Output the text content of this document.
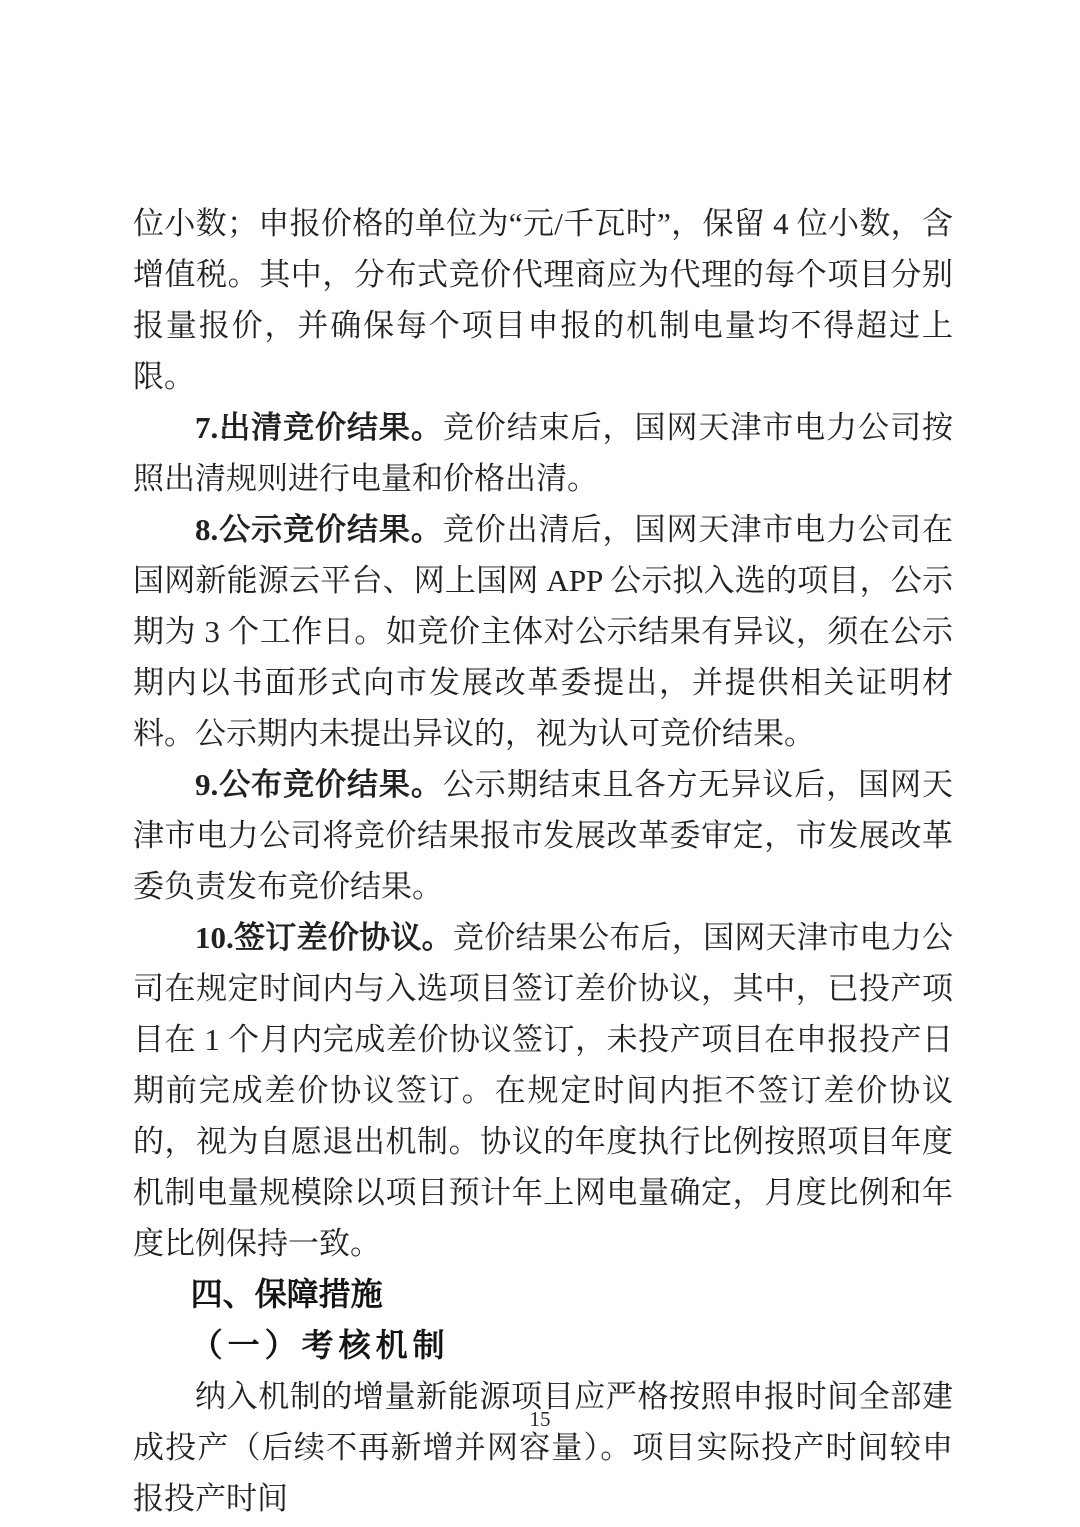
位小数；申报价格的单位为“元/千瓦时”，保留 4 位小数，含增值税。其中，分布式竞价代理商应为代理的每个项目分别报量报价，并确保每个项目申报的机制电量均不得超过上限。

7.出清竞价结果。竞价结束后，国网天津市电力公司按照出清规则进行电量和价格出清。

8.公示竞价结果。竞价出清后，国网天津市电力公司在国网新能源云平台、网上国网 APP 公示拟入选的项目，公示期为 3 个工作日。如竞价主体对公示结果有异议，须在公示期内以书面形式向市发展改革委提出，并提供相关证明材料。公示期内未提出异议的，视为认可竞价结果。

9.公布竞价结果。公示期结束且各方无异议后，国网天津市电力公司将竞价结果报市发展改革委审定，市发展改革委负责发布竞价结果。

10.签订差价协议。竞价结果公布后，国网天津市电力公司在规定时间内与入选项目签订差价协议，其中，已投产项目在 1 个月内完成差价协议签订，未投产项目在申报投产日期前完成差价协议签订。在规定时间内拒不签订差价协议的，视为自愿退出机制。协议的年度执行比例按照项目年度机制电量规模除以项目预计年上网电量确定，月度比例和年度比例保持一致。

四、保障措施

（一）考核机制

纳入机制的增量新能源项目应严格按照申报时间全部建成投产（后续不再新增并网容量）。项目实际投产时间较申报投产时间

15
